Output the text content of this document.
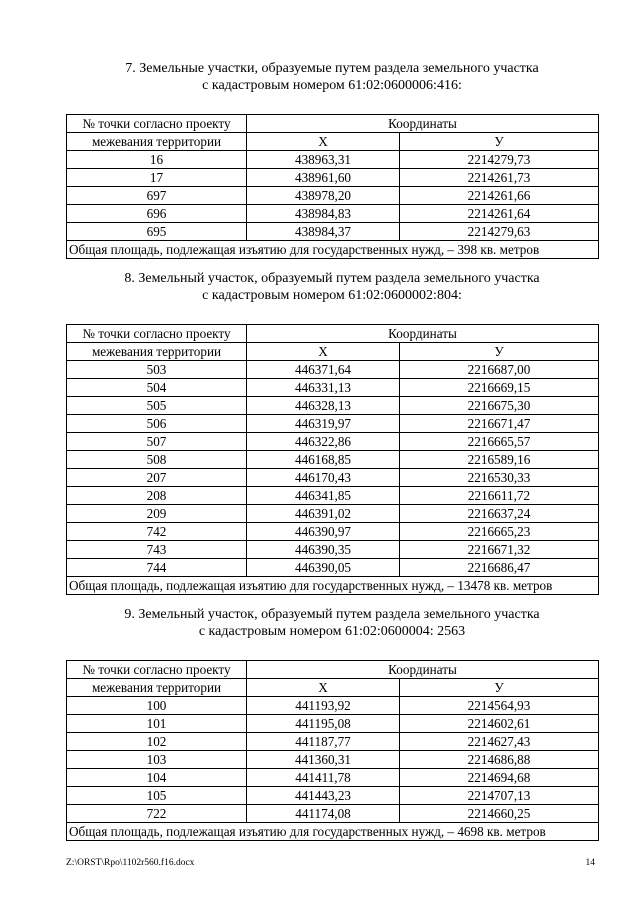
7. Земельные участки, образуемые путем раздела земельного участка

с кадастровым номером 61:02:0600006:416:

№ точки согласно проекту	Координаты	
межевания территории	Х	У
16	438963,31	2214279,73
17	438961,60	2214261,73
697	438978,20	2214261,66
696	438984,83	2214261,64
695	438984,37	2214279,63
Общая площадь, подлежащая изъятию для государственных нужд, – 398 кв. метров		

8. Земельный участок, образуемый путем раздела земельного участка

с кадастровым номером 61:02:0600002:804:

№ точки согласно проекту	Координаты	
межевания территории	Х	У
503	446371,64	2216687,00
504	446331,13	2216669,15
505	446328,13	2216675,30
506	446319,97	2216671,47
507	446322,86	2216665,57
508	446168,85	2216589,16
207	446170,43	2216530,33
208	446341,85	2216611,72
209	446391,02	2216637,24
742	446390,97	2216665,23
743	446390,35	2216671,32
744	446390,05	2216686,47
Общая площадь, подлежащая изъятию для государственных нужд, – 13478 кв. метров		

9. Земельный участок, образуемый путем раздела земельного участка

с кадастровым номером 61:02:0600004: 2563

№ точки согласно проекту	Координаты	
межевания территории	Х	У
100	441193,92	2214564,93
101	441195,08	2214602,61
102	441187,77	2214627,43
103	441360,31	2214686,88
104	441411,78	2214694,68
105	441443,23	2214707,13
722	441174,08	2214660,25
Общая площадь, подлежащая изъятию для государственных нужд, – 4698 кв. метров		
Z:\ORST\Rpo\1102r560.f16.docx	14
